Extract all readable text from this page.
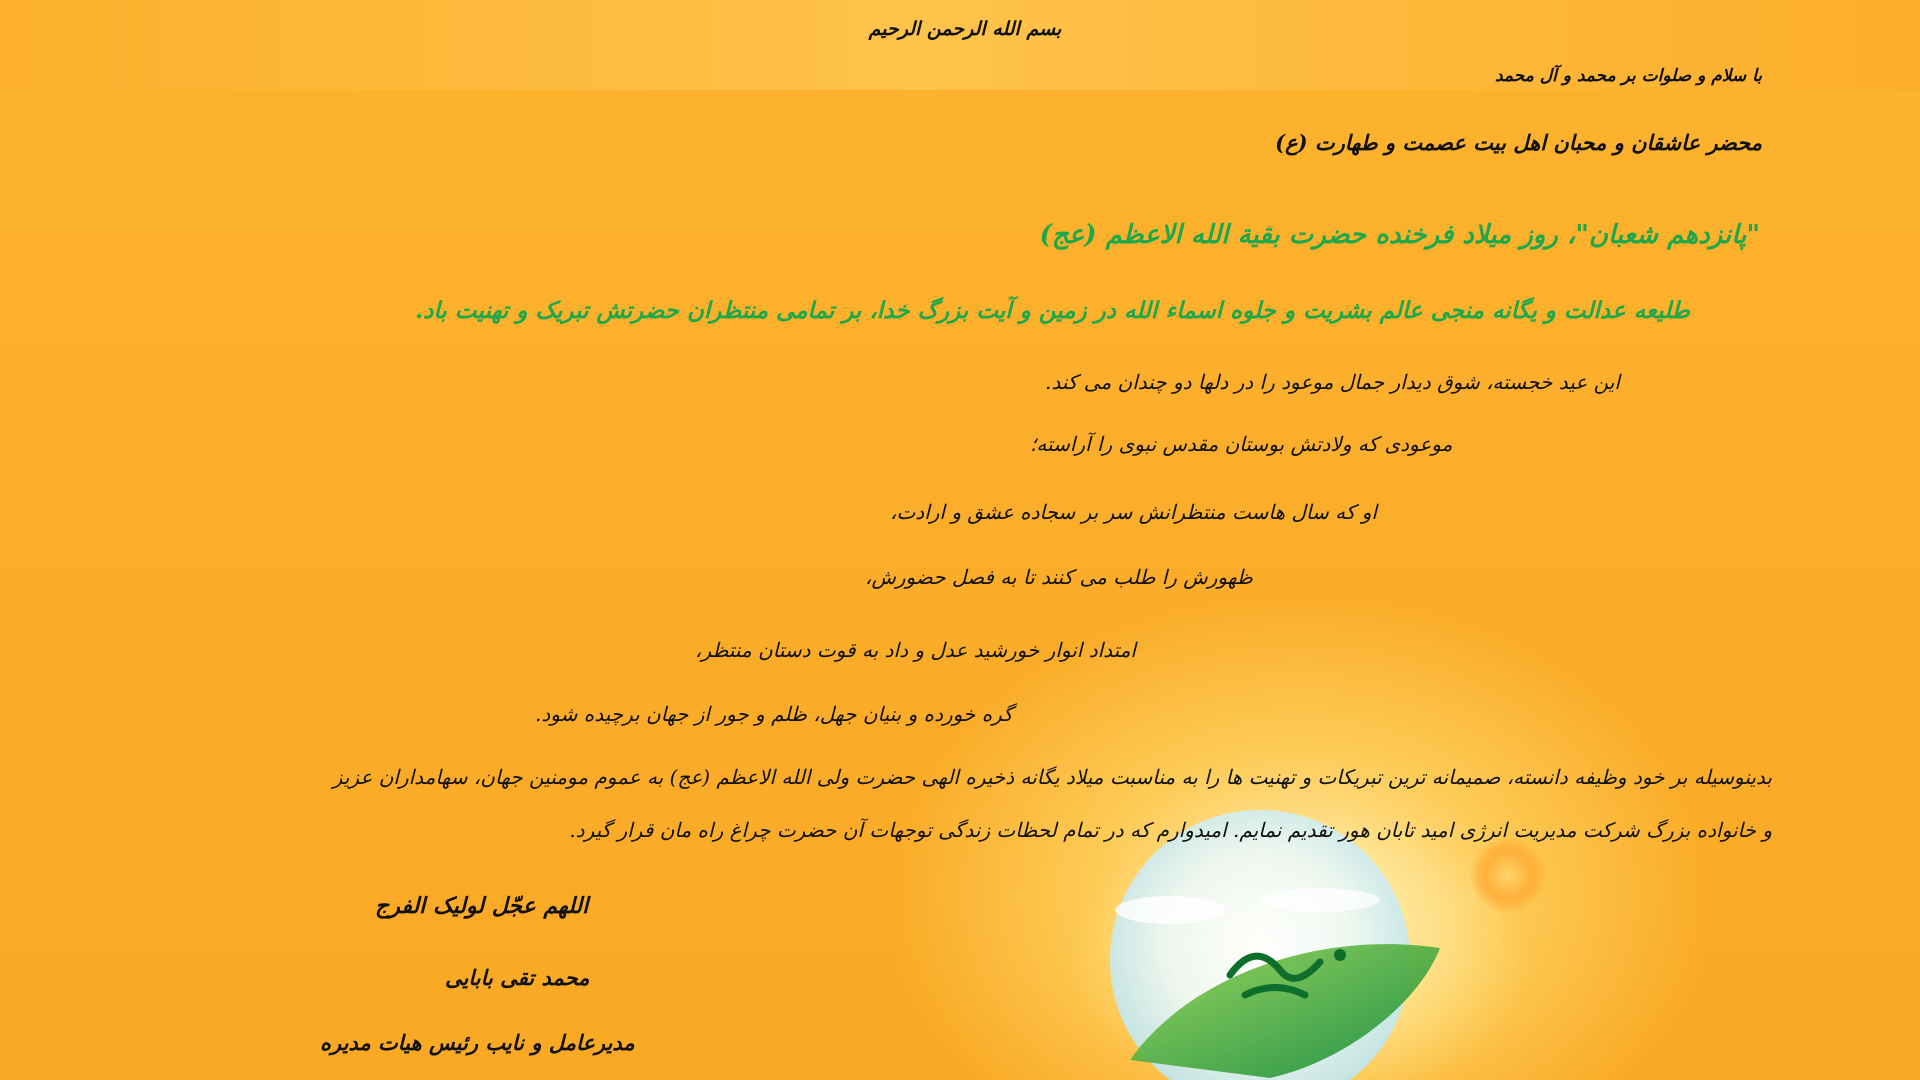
بسم الله الرحمن الرحیم

با سلام و صلوات بر محمد و آل محمد

محضر عاشقان و محبان اهل بیت عصمت و طهارت (ع)

"پانزدهم شعبان"، روز میلاد فرخنده حضرت بقیة الله الاعظم (عج)

طلیعه عدالت و یگانه منجی عالم بشریت و جلوه اسماء الله در زمین و آیت بزرگ خدا، بر تمامی منتظران حضرتش تبریک و تهنیت باد.

این عید خجسته، شوق دیدار جمال موعود را در دلها دو چندان می کند.

موعودی که ولادتش بوستان مقدس نبوی را آراسته؛

او که سال هاست منتظرانش سر بر سجاده عشق و ارادت،

ظهورش را طلب می کنند تا به فصل حضورش،

امتداد انوار خورشید عدل و داد به قوت دستان منتظر،

گره خورده و بنیان جهل، ظلم و جور از جهان برچیده شود.

بدینوسیله بر خود وظیفه دانسته، صمیمانه ترین تبریکات و تهنیت ها را به مناسبت میلاد یگانه ذخیره الهی حضرت ولی الله الاعظم (عج) به عموم مومنین جهان، سهامداران عزیز

و خانواده بزرگ شرکت مدیریت انرژی امید تابان هور تقدیم نمایم. امیدوارم که در تمام لحظات زندگی توجهات آن حضرت چراغ راه مان قرار گیرد.

اللهم عجّل لولیک الفرج

محمد تقی بابایی

مدیرعامل و نایب رئیس هیات مدیره
